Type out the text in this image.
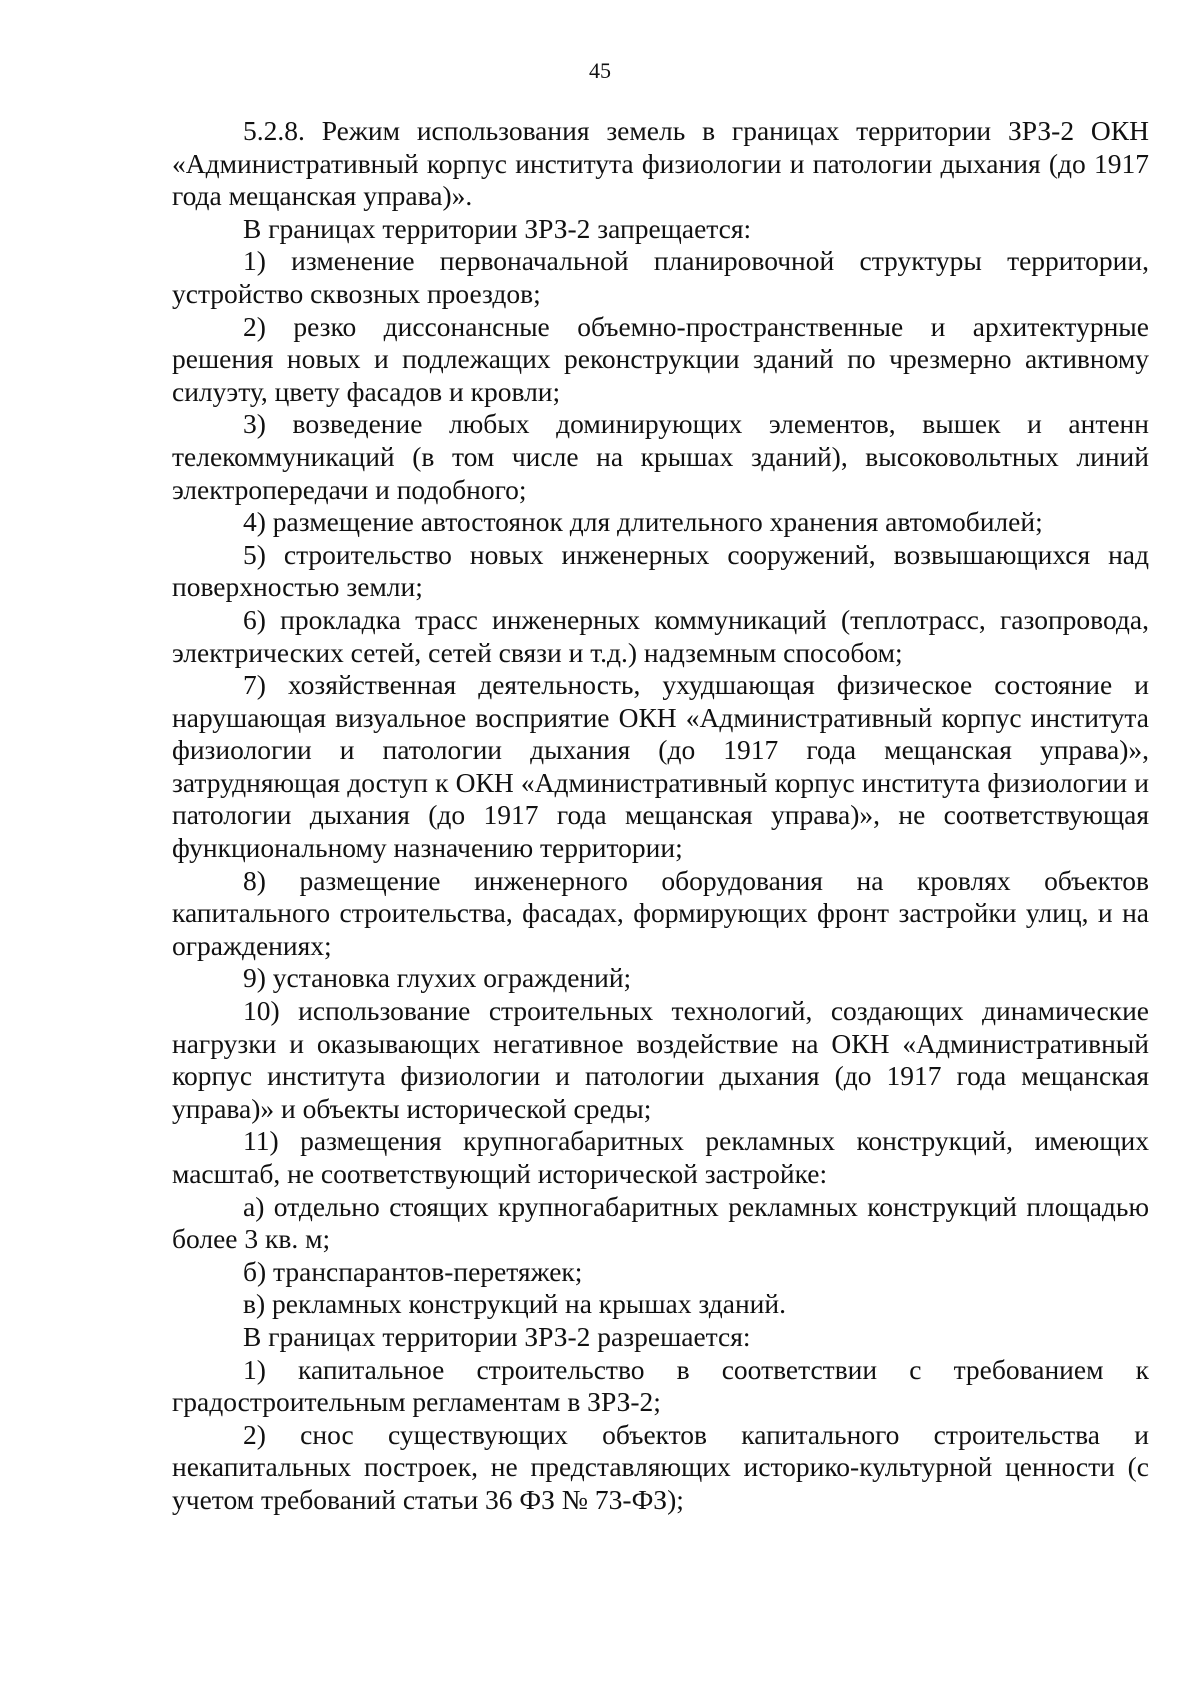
45

5.2.8. Режим использования земель в границах территории ЗРЗ-2 ОКН «Административный корпус института физиологии и патологии дыхания (до 1917 года мещанская управа)».

В границах территории ЗРЗ-2 запрещается:

1) изменение первоначальной планировочной структуры территории, устройство сквозных проездов;

2) резко диссонансные объемно-пространственные и архитектурные решения новых и подлежащих реконструкции зданий по чрезмерно активному силуэту, цвету фасадов и кровли;

3) возведение любых доминирующих элементов, вышек и антенн телекоммуникаций (в том числе на крышах зданий), высоковольтных линий электропередачи и подобного;

4) размещение автостоянок для длительного хранения автомобилей;

5) строительство новых инженерных сооружений, возвышающихся над поверхностью земли;

6) прокладка трасс инженерных коммуникаций (теплотрасс, газопровода, электрических сетей, сетей связи и т.д.) надземным способом;

7) хозяйственная деятельность, ухудшающая физическое состояние и нарушающая визуальное восприятие ОКН «Административный корпус института физиологии и патологии дыхания (до 1917 года мещанская управа)», затрудняющая доступ к ОКН «Административный корпус института физиологии и патологии дыхания (до 1917 года мещанская управа)», не соответствующая функциональному назначению территории;

8) размещение инженерного оборудования на кровлях объектов капитального строительства, фасадах, формирующих фронт застройки улиц, и на ограждениях;

9) установка глухих ограждений;

10) использование строительных технологий, создающих динамические нагрузки и оказывающих негативное воздействие на ОКН «Административный корпус института физиологии и патологии дыхания (до 1917 года мещанская управа)» и объекты исторической среды;

11) размещения крупногабаритных рекламных конструкций, имеющих масштаб, не соответствующий исторической застройке:

а) отдельно стоящих крупногабаритных рекламных конструкций площадью более 3 кв. м;

б) транспарантов-перетяжек;

в) рекламных конструкций на крышах зданий.

В границах территории ЗРЗ-2 разрешается:

1) капитальное строительство в соответствии с требованием к градостроительным регламентам в ЗРЗ-2;

2) снос существующих объектов капитального строительства и некапитальных построек, не представляющих историко-культурной ценности (с учетом требований статьи 36 ФЗ № 73-ФЗ);
